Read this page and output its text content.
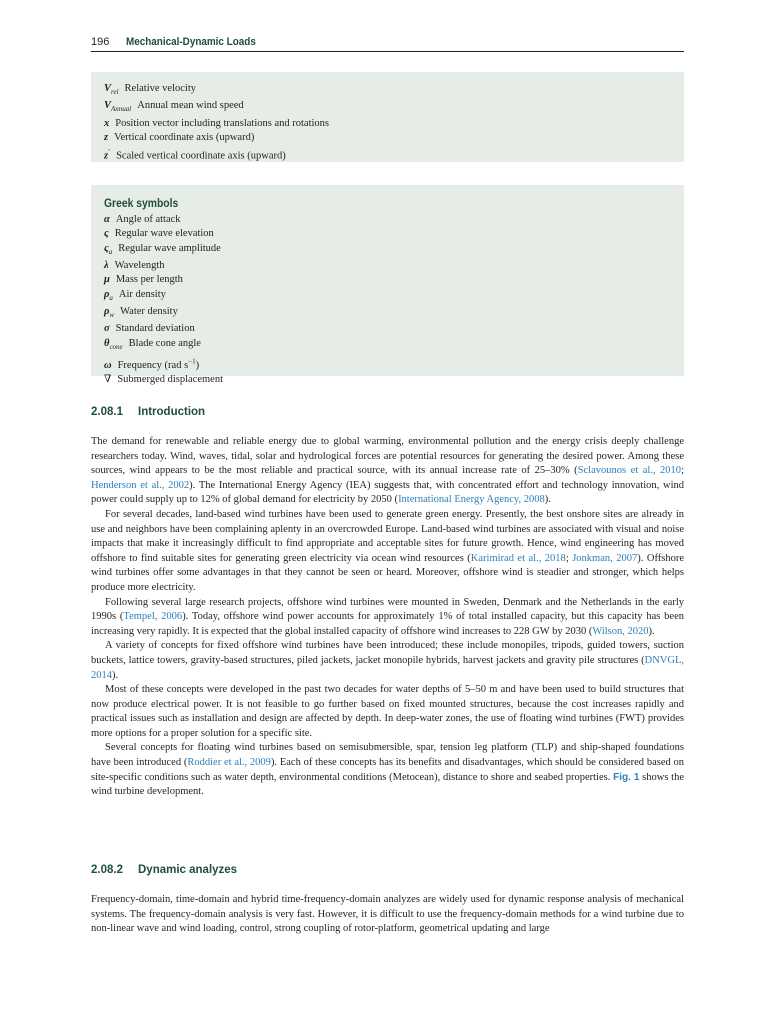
196 Mechanical-Dynamic Loads
$V_{rel}$ Relative velocity
$V_{Annual}$ Annual mean wind speed
x Position vector including translations and rotations
z Vertical coordinate axis (upward)
z′ Scaled vertical coordinate axis (upward)
Greek symbols
α Angle of attack
ς Regular wave elevation
$\varsigma_a$ Regular wave amplitude
λ Wavelength
μ Mass per length
$\rho_a$ Air density
$\rho_w$ Water density
σ Standard deviation
$\theta_{cone}$ Blade cone angle
ω Frequency (rad $s^{-1}$)
∇ Submerged displacement
2.08.1 Introduction

The demand for renewable and reliable energy due to global warming, environmental pollution and the energy crisis deeply challenge researchers today. Wind, waves, tidal, solar and hydrological forces are potential resources for generating the desired power. Among these sources, wind appears to be the most reliable and practical source, with its annual increase rate of 25–30% (Sclavounos et al., 2010; Henderson et al., 2002). The International Energy Agency (IEA) suggests that, with concentrated effort and technology innovation, wind power could supply up to 12% of global demand for electricity by 2050 (International Energy Agency, 2008).

For several decades, land-based wind turbines have been used to generate green energy. Presently, the best onshore sites are already in use and neighbors have been complaining aplenty in an overcrowded Europe. Land-based wind turbines are associated with visual and noise impacts that make it increasingly difficult to find appropriate and acceptable sites for future growth. Hence, wind engineering has moved offshore to find suitable sites for generating green electricity via ocean wind resources (Karimirad et al., 2018; Jonkman, 2007). Offshore wind turbines offer some advantages in that they cannot be seen or heard. Moreover, offshore wind is steadier and stronger, which helps produce more electricity.

Following several large research projects, offshore wind turbines were mounted in Sweden, Denmark and the Netherlands in the early 1990s (Tempel, 2006). Today, offshore wind power accounts for approximately 1% of total installed capacity, but this capacity has been increasing very rapidly. It is expected that the global installed capacity of offshore wind increases to 228 GW by 2030 (Wilson, 2020).

A variety of concepts for fixed offshore wind turbines have been introduced; these include monopiles, tripods, guided towers, suction buckets, lattice towers, gravity-based structures, piled jackets, jacket monopile hybrids, harvest jackets and gravity pile structures (DNVGL, 2014).

Most of these concepts were developed in the past two decades for water depths of 5–50 m and have been used to build structures that now produce electrical power. It is not feasible to go further based on fixed mounted structures, because the cost increases rapidly and practical issues such as installation and design are affected by depth. In deep-water zones, the use of floating wind turbines (FWT) provides more options for a proper solution for a specific site.

Several concepts for floating wind turbines based on semisubmersible, spar, tension leg platform (TLP) and ship-shaped foundations have been introduced (Roddier et al., 2009). Each of these concepts has its benefits and disadvantages, which should be considered based on site-specific conditions such as water depth, environmental conditions (Metocean), distance to shore and seabed properties. Fig. 1 shows the wind turbine development.

2.08.2 Dynamic analyzes

Frequency-domain, time-domain and hybrid time-frequency-domain analyzes are widely used for dynamic response analysis of mechanical systems. The frequency-domain analysis is very fast. However, it is difficult to use the frequency-domain methods for a wind turbine due to non-linear wave and wind loading, control, strong coupling of rotor-platform, geometrical updating and large
